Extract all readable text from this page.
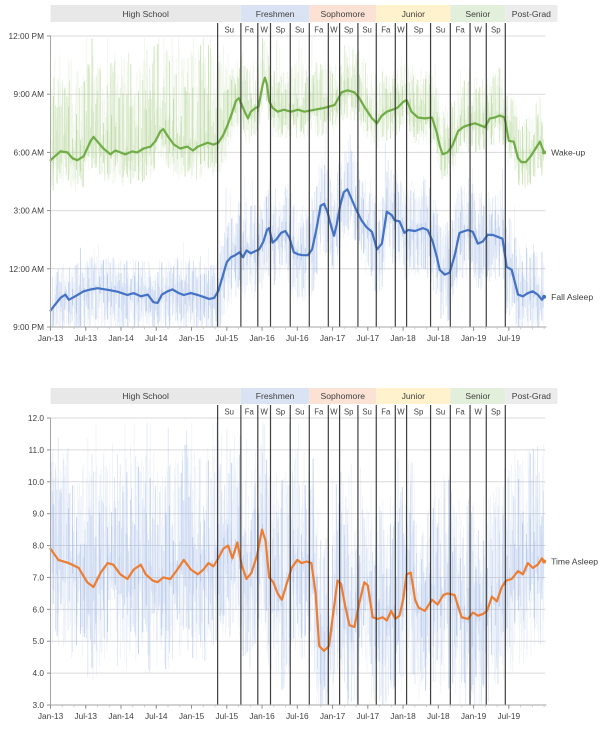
High School	Freshmen	Sophomore	Junior	Senior	Post-Grad
Wake-up
Fall Asleep
Su Fa W Sp Su Fa W Sp Su Fa W Sp Su Fa W Sp
9:00 PM
12:00 AM
3:00 AM
6:00 AM
9:00 AM
12:00 PM
Jan-13 Jul-13 Jan-14 Jul-14 Jan-15 Jul-15 Jan-16 Jul-16 Jan-17 Jul-17 Jan-18 Jul-18 Jan-19 Jul-19
High School	Freshmen	Sophomore	Junior	Senior	Post-Grad
Time Asleep
Su Fa W Sp Su Fa W Sp Su Fa W Sp Su Fa W Sp
3.0
4.0
5.0
6.0
7.0
8.0
9.0
10.0
11.0
12.0
Jan-13 Jul-13 Jan-14 Jul-14 Jan-15 Jul-15 Jan-16 Jul-16 Jan-17 Jul-17 Jan-18 Jul-18 Jan-19 Jul-19
